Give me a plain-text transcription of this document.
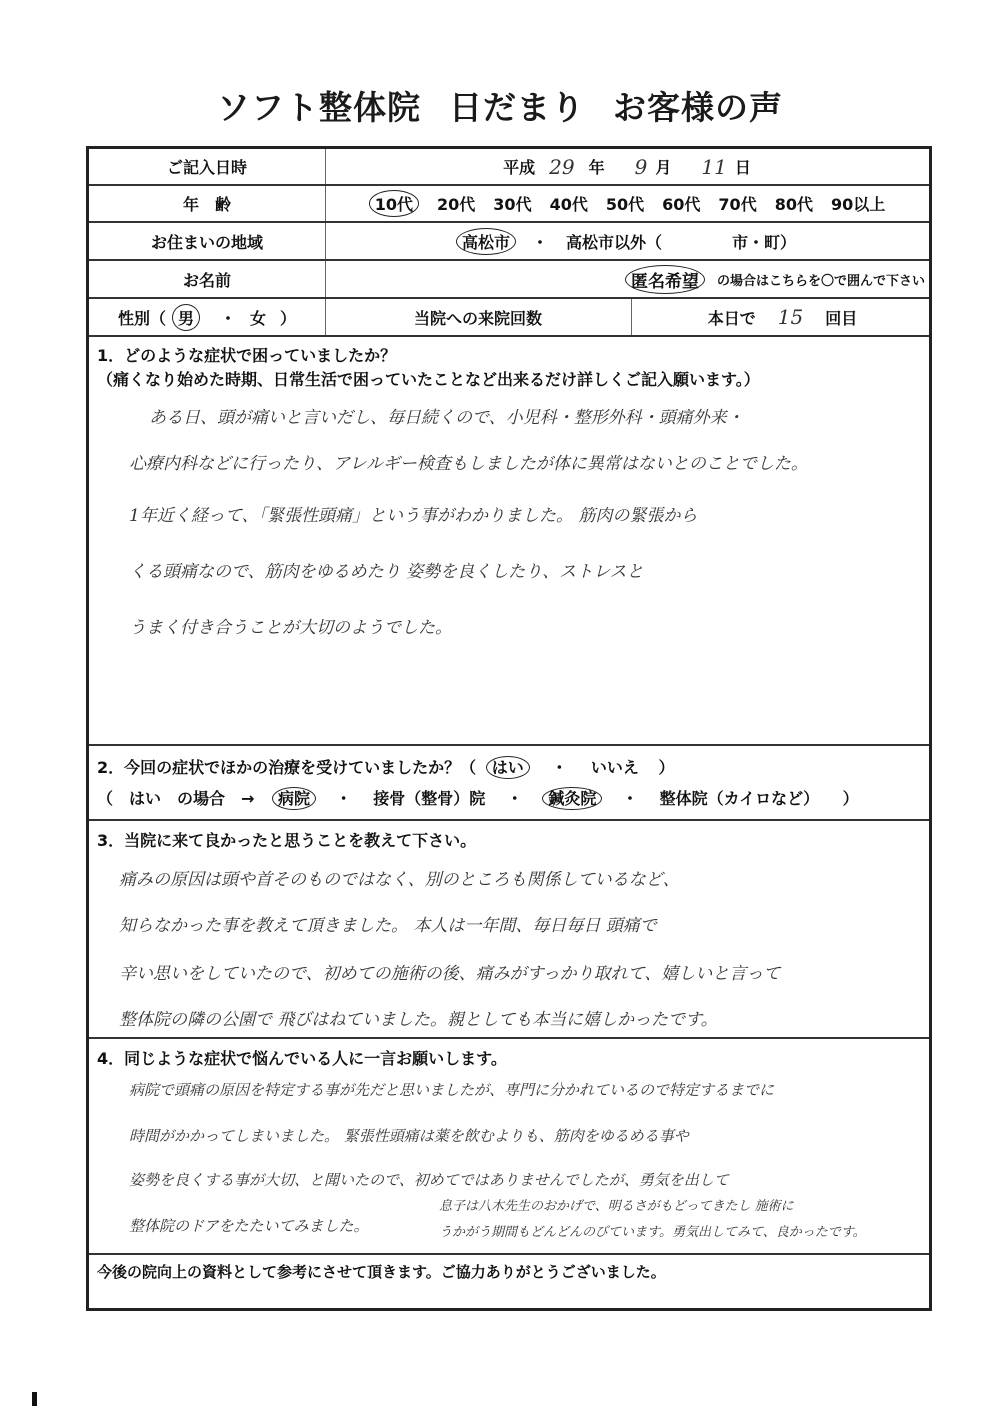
ソフト整体院 日だまり お客様の声
ご記入日時	平成 29 年 9 月 11 日
年　齢	10代	20代 30代 40代 50代 60代 70代 80代 90以上
お住まいの地域	高松市	・ 高松市以外（	市・町）
お名前	匿名希望	の場合はこちらを〇で囲んで下さい
性別（ 男	・ 女 ）	当院への来院回数	本日で 15 回目
1．どのような症状で困っていましたか？
（痛くなり始めた時期、日常生活で困っていたことなど出来るだけ詳しくご記入願います。）
ある日、頭が痛いと言いだし、毎日続くので、小児科・整形外科・頭痛外来・
心療内科などに行ったり、アレルギー検査もしましたが体に異常はないとのことでした。
1年近く経って、「緊張性頭痛」という事がわかりました。 筋肉の緊張から
くる頭痛なので、筋肉をゆるめたり 姿勢を良くしたり、ストレスと
うまく付き合うことが大切のようでした。
2．今回の症状でほかの治療を受けていましたか？（ はい ・ いいえ ）
（　はい　の場合　→ 病院 ・ 接骨（整骨）院 ・ 鍼灸院 ・ 整体院（カイロなど） ）
3．当院に来て良かったと思うことを教えて下さい。
痛みの原因は頭や首そのものではなく、別のところも関係しているなど、
知らなかった事を教えて頂きました。 本人は一年間、毎日毎日 頭痛で
辛い思いをしていたので、初めての施術の後、痛みがすっかり取れて、嬉しいと言って
整体院の隣の公園で 飛びはねていました。親としても本当に嬉しかったです。
4．同じような症状で悩んでいる人に一言お願いします。
病院で頭痛の原因を特定する事が先だと思いましたが、専門に分かれているので特定するまでに
時間がかかってしまいました。 緊張性頭痛は薬を飲むよりも、筋肉をゆるめる事や
姿勢を良くする事が大切、と聞いたので、初めてではありませんでしたが、勇気を出して
整体院のドアをたたいてみました。
息子は八木先生のおかげで、明るさがもどってきたし 施術に
うかがう期間もどんどんのびています。勇気出してみて、良かったです。
今後の院向上の資料として参考にさせて頂きます。ご協力ありがとうございました。
